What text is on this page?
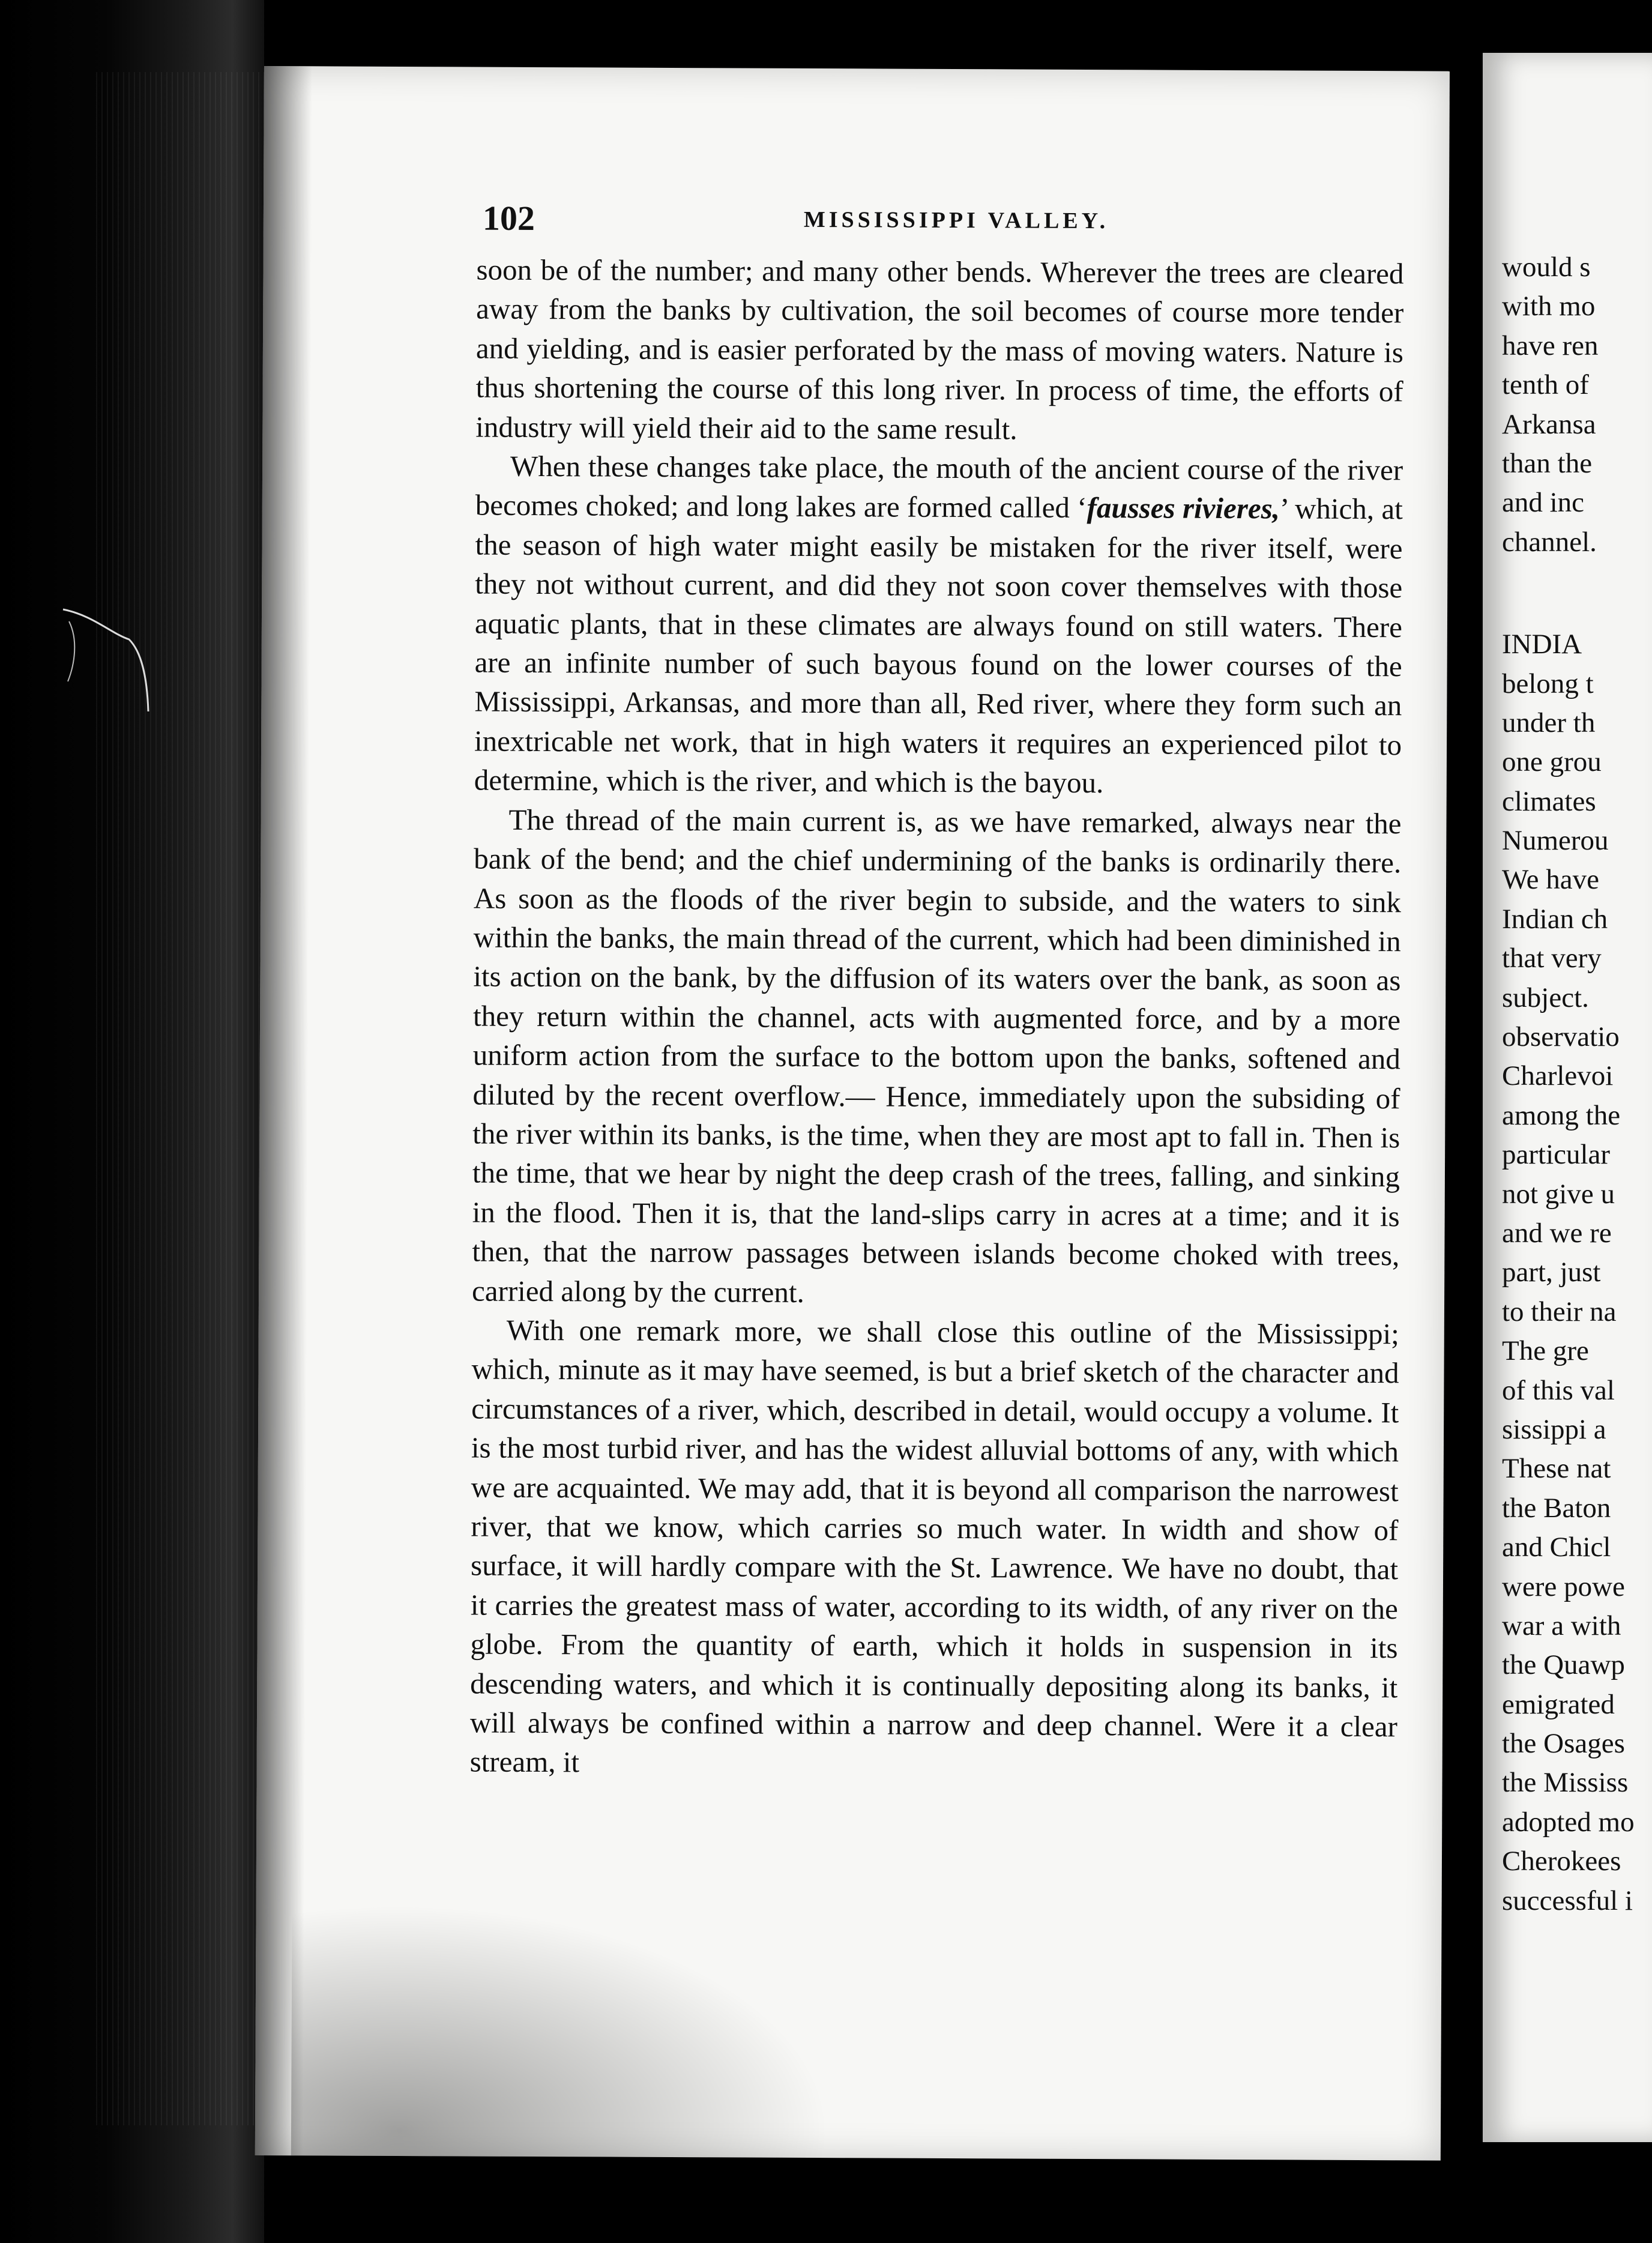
102	MISSISSIPPI VALLEY.

soon be of the number; and many other bends. Wherever the trees are cleared away from the banks by cultivation, the soil becomes of course more tender and yielding, and is easier perforated by the mass of moving waters. Nature is thus shortening the course of this long river. In process of time, the efforts of industry will yield their aid to the same result.

When these changes take place, the mouth of the ancient course of the river becomes choked; and long lakes are formed called ‘fausses rivieres,’ which, at the season of high water might easily be mistaken for the river itself, were they not without current, and did they not soon cover themselves with those aquatic plants, that in these climates are always found on still waters. There are an infinite number of such bayous found on the lower courses of the Mississippi, Arkansas, and more than all, Red river, where they form such an inextricable net work, that in high waters it requires an experienced pilot to determine, which is the river, and which is the bayou.

The thread of the main current is, as we have remarked, always near the bank of the bend; and the chief undermining of the banks is ordinarily there. As soon as the floods of the river begin to subside, and the waters to sink within the banks, the main thread of the current, which had been diminished in its action on the bank, by the diffusion of its waters over the bank, as soon as they return within the channel, acts with augmented force, and by a more uniform action from the surface to the bottom upon the banks, softened and diluted by the recent overflow.— Hence, immediately upon the subsiding of the river within its banks, is the time, when they are most apt to fall in. Then is the time, that we hear by night the deep crash of the trees, falling, and sinking in the flood. Then it is, that the land-slips carry in acres at a time; and it is then, that the narrow passages between islands become choked with trees, carried along by the current.

With one remark more, we shall close this outline of the Mississippi; which, minute as it may have seemed, is but a brief sketch of the character and circumstances of a river, which, described in detail, would occupy a volume. It is the most turbid river, and has the widest alluvial bottoms of any, with which we are acquainted. We may add, that it is beyond all comparison the narrowest river, that we know, which carries so much water. In width and show of surface, it will hardly compare with the St. Lawrence. We have no doubt, that it carries the greatest mass of water, according to its width, of any river on the globe. From the quantity of earth, which it holds in suspension in its descending waters, and which it is continually depositing along its banks, it will always be confined within a narrow and deep channel. Were it a clear stream, it

would s
with mo
have ren
tenth of
Arkansa
than the
and inc
channel.
INDIA
belong t
under th
one grou
climates
Numerou
We have
Indian ch
that very
subject.
observatio
Charlevoi
among the
particular
not give u
and we re
part, just
to their na
The gre
of this val
sissippi a
These nat
the Baton
and Chicl
were powe
war a with
the Quawp
emigrated
the Osages
the Mississ
adopted mo
Cherokees
successful i
